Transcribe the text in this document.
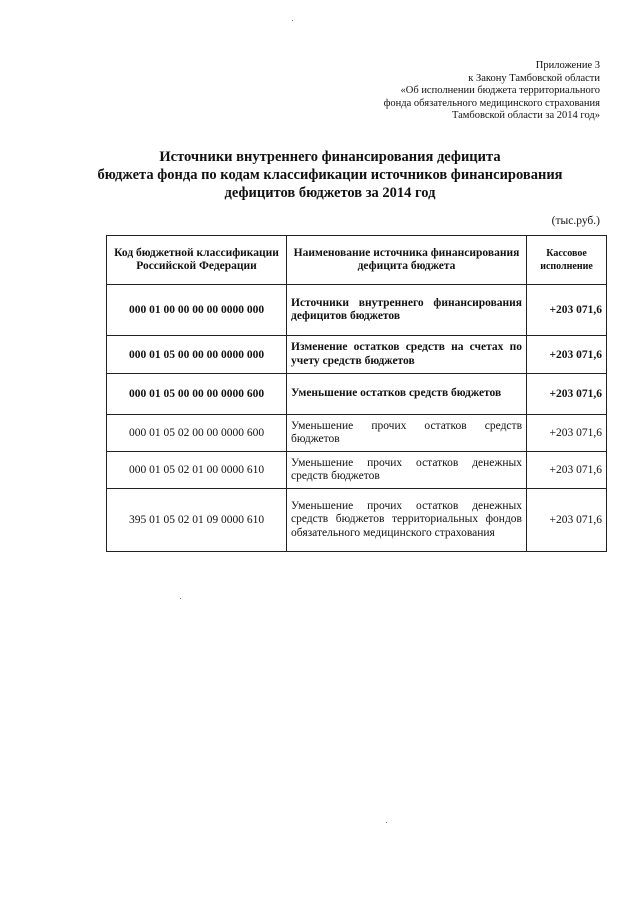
Приложение 3
к Закону Тамбовской области
«Об исполнении бюджета территориального
фонда обязательного медицинского страхования
Тамбовской области за 2014 год»
Источники внутреннего финансирования дефицита
бюджета фонда по кодам классификации источников финансирования
дефицитов бюджетов за 2014 год
(тыс.руб.)
Код бюджетной классификации Российской Федерации	Наименование источника финансирования дефицита бюджета	Кассовое исполнение
000 01 00 00 00 00 0000 000	Источники внутреннего финансирования дефицитов бюджетов	+203 071,6
000 01 05 00 00 00 0000 000	Изменение остатков средств на счетах по учету средств бюджетов	+203 071,6
000 01 05 00 00 00 0000 600	Уменьшение остатков средств бюджетов	+203 071,6
000 01 05 02 00 00 0000 600	Уменьшение прочих остатков средств бюджетов	+203 071,6
000 01 05 02 01 00 0000 610	Уменьшение прочих остатков денежных средств бюджетов	+203 071,6
395 01 05 02 01 09 0000 610	Уменьшение прочих остатков денежных средств бюджетов территориальных фондов обязательного медицинского страхования	+203 071,6
